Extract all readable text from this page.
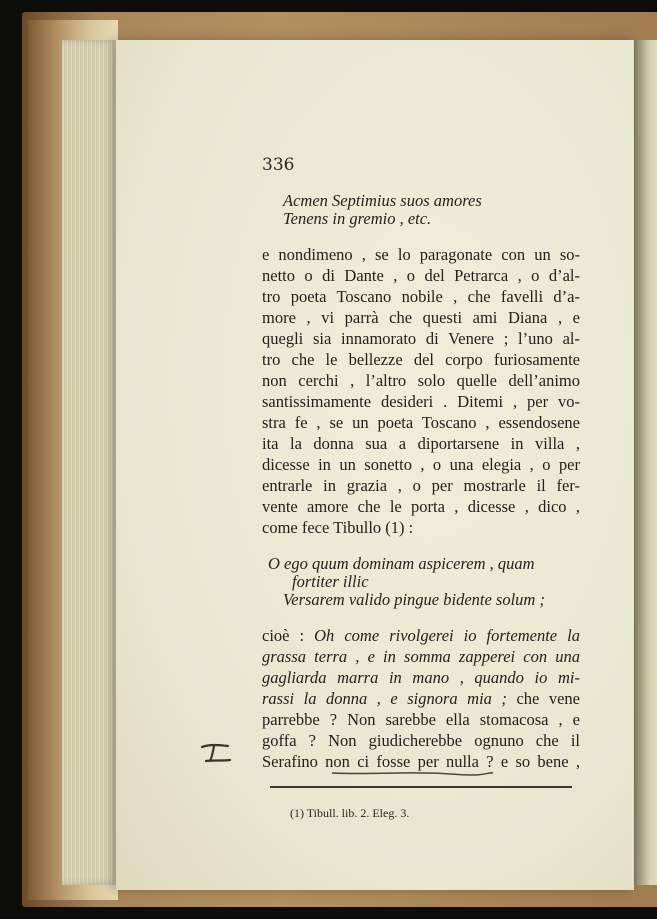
336
Acmen Septimius suos amores
Tenens in gremio , etc.
e nondimeno , se lo paragonate con un so-
netto o di Dante , o del Petrarca , o d’al-
tro poeta Toscano nobile , che favelli d’a-
more , vi parrà che questi ami Diana , e
quegli sia innamorato di Venere ; l’uno al-
tro che le bellezze del corpo furiosamente
non cerchi , l’altro solo quelle dell’animo
santissimamente desideri . Ditemi , per vo-
stra fe , se un poeta Toscano , essendosene
ita la donna sua a diportarsene in villa ,
dicesse in un sonetto , o una elegia , o per
entrarle in grazia , o per mostrarle il fer-
vente amore che le porta , dicesse , dico ,
come fece Tibullo (1) :
O ego quum dominam aspicerem , quam
fortiter illic
Versarem valido pingue bidente solum ;
cioè : Oh come rivolgerei io fortemente la
grassa terra , e in somma zapperei con una
gagliarda marra in mano , quando io mi-
rassi la donna , e signora mia ; che vene
parrebbe ? Non sarebbe ella stomacosa , e
goffa ? Non giudicherebbe ognuno che il
Serafino non ci fosse per nulla ? e so bene ,
(1) Tibull. lib. 2. Eleg. 3.
